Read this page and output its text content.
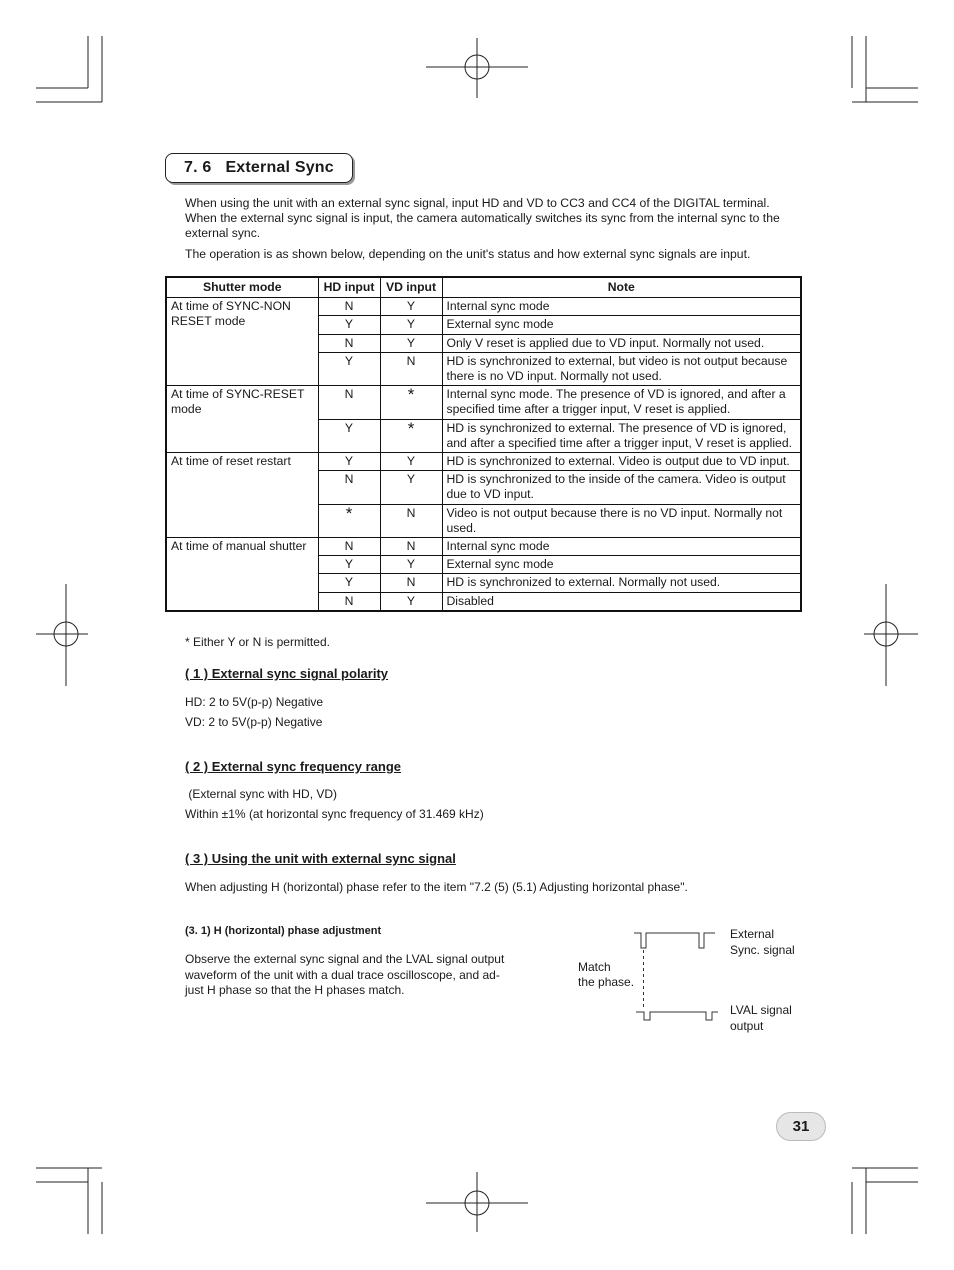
7. 6 External Sync
When using the unit with an external sync signal, input HD and VD to CC3 and CC4 of the DIGITAL terminal.
When the external sync signal is input, the camera automatically switches its sync from the internal sync to the
external sync.
The operation is as shown below, depending on the unit's status and how external sync signals are input.
Shutter mode	HD input	VD input	Note
At time of SYNC-NON RESET mode	N	Y	Internal sync mode
	Y	Y	External sync mode
	N	Y	Only V reset is applied due to VD input. Normally not used.
	Y	N	HD is synchronized to external, but video is not output because there is no VD input. Normally not used.
At time of SYNC-RESET mode	N	*	Internal sync mode. The presence of VD is ignored, and after a specified time after a trigger input, V reset is applied.
	Y	*	HD is synchronized to external. The presence of VD is ignored, and after a specified time after a trigger input, V reset is applied.
At time of reset restart	Y	Y	HD is synchronized to external. Video is output due to VD input.
	N	Y	HD is synchronized to the inside of the camera. Video is output due to VD input.
	*	N	Video is not output because there is no VD input. Normally not used.
At time of manual shutter	N	N	Internal sync mode
	Y	Y	External sync mode
	Y	N	HD is synchronized to external. Normally not used.
	N	Y	Disabled
* Either Y or N is permitted.
( 1 ) External sync signal polarity
HD: 2 to 5V(p-p) Negative
VD: 2 to 5V(p-p) Negative
( 2 ) External sync frequency range
(External sync with HD, VD)
Within ±1% (at horizontal sync frequency of 31.469 kHz)
( 3 ) Using the unit with external sync signal
When adjusting H (horizontal) phase refer to the item "7.2 (5) (5.1) Adjusting horizontal phase".
(3. 1) H (horizontal) phase adjustment
Observe the external sync signal and the LVAL signal output
waveform of the unit with a dual trace oscilloscope, and ad-
just H phase so that the H phases match.
Match
the phase.
External
Sync. signal
LVAL signal
output
31
